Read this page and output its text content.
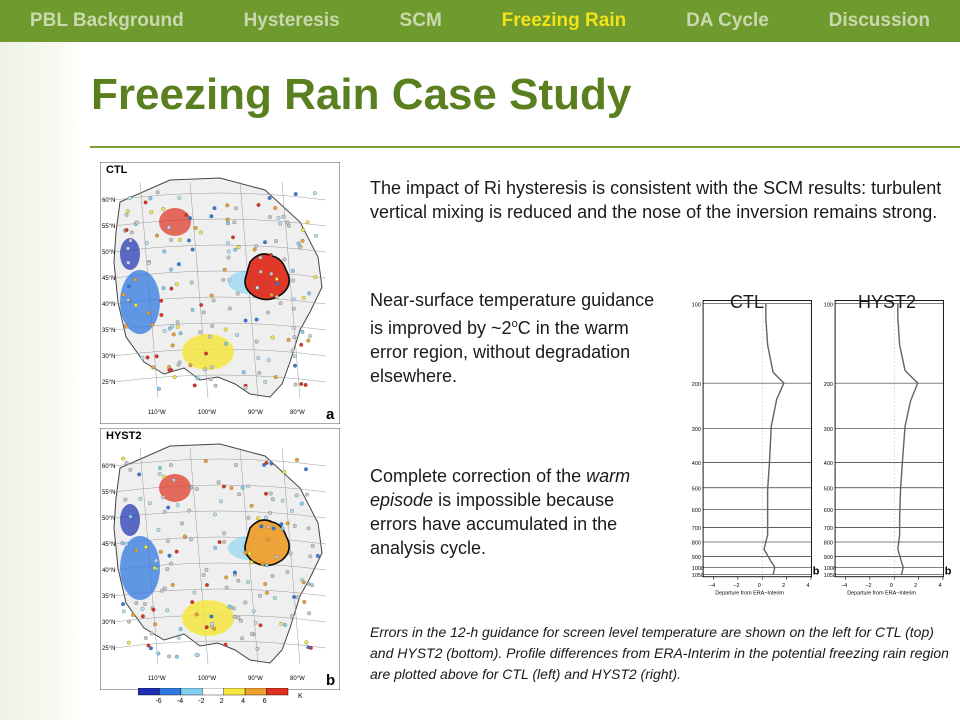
PBL Background	Hysteresis	SCM	Freezing Rain	DA Cycle	Discussion
Freezing Rain Case Study
60°N
55°N
50°N
45°N
40°N
35°N
30°N
25°N
110°W	100°W	90°W	80°W
CTL
a
60°N
55°N
50°N
45°N
40°N
35°N
30°N
25°N
110°W	100°W	90°W	80°W
HYST2
b
-6 -4 -2 2 4	6
K

The impact of Ri hysteresis is consistent with the SCM results: turbulent vertical mixing is reduced and the nose of the inversion remains strong.

Near-surface temperature guidance is improved by ~2$^o$C in the warm error region, without degradation elsewhere.

Complete correction of the warm episode is impossible because errors have accumulated in the analysis cycle.

Errors in the 12-h guidance for screen level temperature are shown on the left for CTL (top) and HYST2 (bottom). Profile differences from ERA-Interim in the potential freezing rain region are plotted above for CTL (left) and HYST2 (right).

100
200
300
400
500
600
700
800
900
1000
1050
−4	−2	0	2	4
Departure from ERA−Interim
b
100
200
300
400
500
600
700
800
900
1000
1050
−4	−2	0	2	4
Departure from ERA−Interim
b
CTL	HYST2
